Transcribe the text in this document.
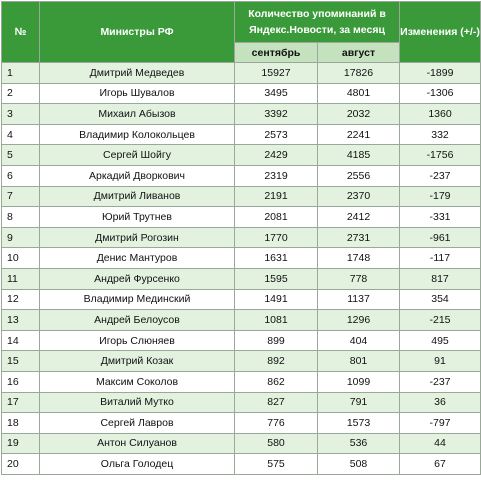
№	Министры РФ	Количество упоминаний в Яндекс.Новости, за месяц		Изменения (+/-)
		сентябрь	август	
1	Дмитрий Медведев	15927	17826	-1899
2	Игорь Шувалов	3495	4801	-1306
3	Михаил Абызов	3392	2032	1360
4	Владимир Колокольцев	2573	2241	332
5	Сергей Шойгу	2429	4185	-1756
6	Аркадий Дворкович	2319	2556	-237
7	Дмитрий Ливанов	2191	2370	-179
8	Юрий Трутнев	2081	2412	-331
9	Дмитрий Рогозин	1770	2731	-961
10	Денис Мантуров	1631	1748	-117
11	Андрей Фурсенко	1595	778	817
12	Владимир Мединский	1491	1137	354
13	Андрей Белоусов	1081	1296	-215
14	Игорь Слюняев	899	404	495
15	Дмитрий Козак	892	801	91
16	Максим Соколов	862	1099	-237
17	Виталий Мутко	827	791	36
18	Сергей Лавров	776	1573	-797
19	Антон Силуанов	580	536	44
20	Ольга Голодец	575	508	67
